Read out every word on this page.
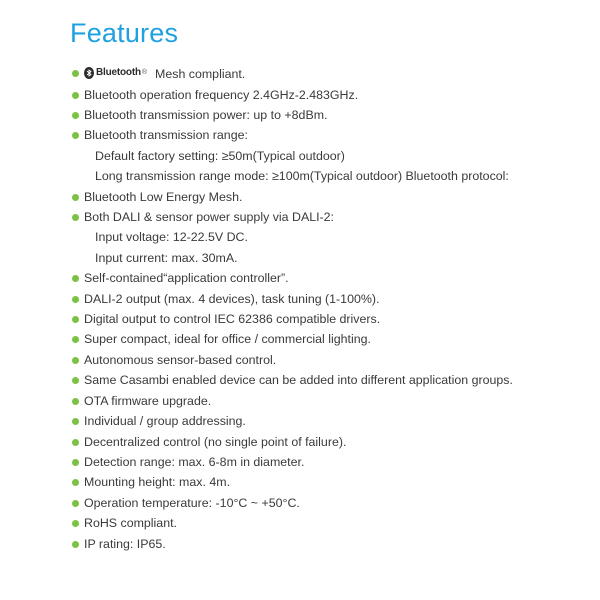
Features
Bluetooth ® Mesh compliant.
Bluetooth operation frequency 2.4GHz-2.483GHz.
Bluetooth transmission power: up to +8dBm.
Bluetooth transmission range:
Default factory setting: ≥50m(Typical outdoor)
Long transmission range mode: ≥100m(Typical outdoor) Bluetooth protocol:
Bluetooth Low Energy Mesh.
Both DALI & sensor power supply via DALI-2:
Input voltage: 12-22.5V DC.
Input current: max. 30mA.
Self-contained“application controller”.
DALI-2 output (max. 4 devices), task tuning (1-100%).
Digital output to control IEC 62386 compatible drivers.
Super compact, ideal for office / commercial lighting.
Autonomous sensor-based control.
Same Casambi enabled device can be added into different application groups.
OTA firmware upgrade.
Individual / group addressing.
Decentralized control (no single point of failure).
Detection range: max. 6-8m in diameter.
Mounting height: max. 4m.
Operation temperature: -10°C ~ +50°C.
RoHS compliant.
IP rating: IP65.
